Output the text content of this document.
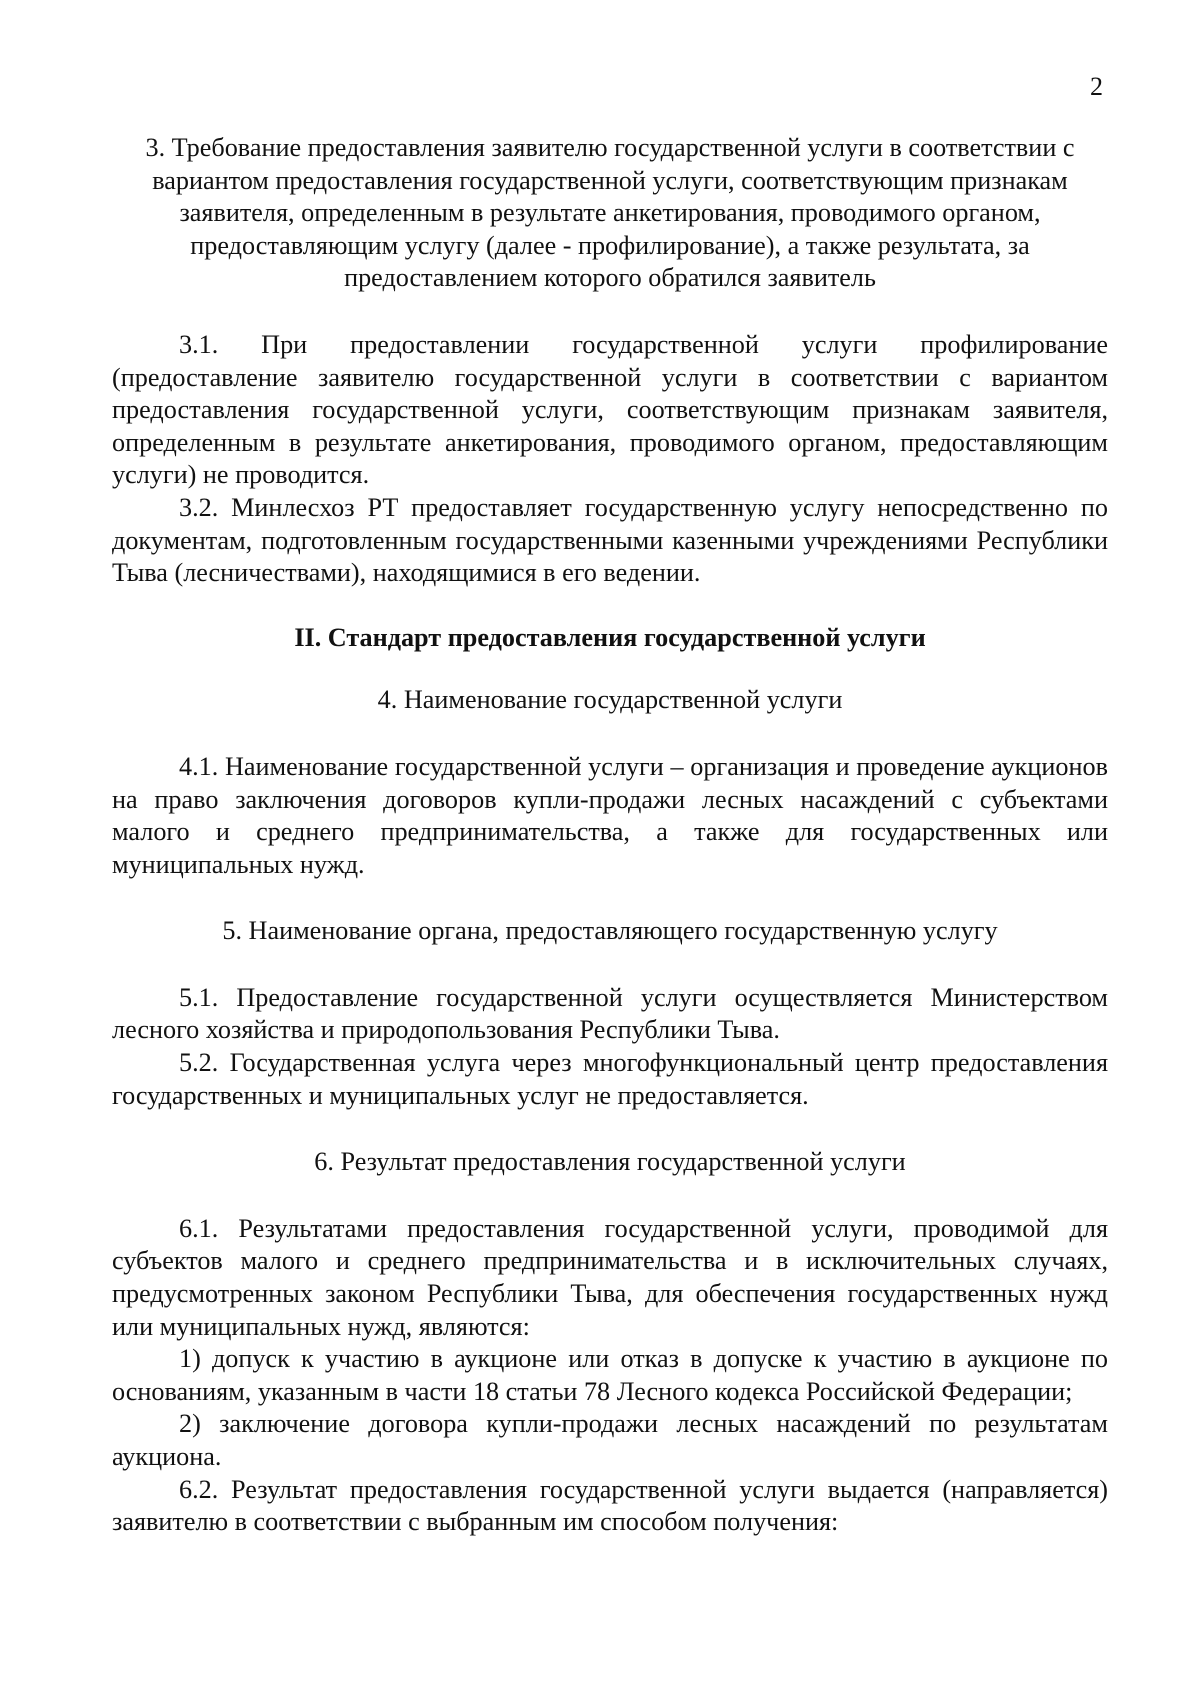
2

3. Требование предоставления заявителю государственной услуги в соответствии с вариантом предоставления государственной услуги, соответствующим признакам заявителя, определенным в результате анкетирования, проводимого органом, предоставляющим услугу (далее - профилирование), а также результата, за предоставлением которого обратился заявитель

3.1. При предоставлении государственной услуги профилирование (предоставление заявителю государственной услуги в соответствии с вариантом предоставления государственной услуги, соответствующим признакам заявителя, определенным в результате анкетирования, проводимого органом, предоставляющим услуги) не проводится.

3.2. Минлесхоз РТ предоставляет государственную услугу непосредственно по документам, подготовленным государственными казенными учреждениями Республики Тыва (лесничествами), находящимися в его ведении.

II. Стандарт предоставления государственной услуги

4. Наименование государственной услуги

4.1. Наименование государственной услуги – организация и проведение аукционов на право заключения договоров купли-продажи лесных насаждений с субъектами малого и среднего предпринимательства, а также для государственных или муниципальных нужд.

5. Наименование органа, предоставляющего государственную услугу

5.1. Предоставление государственной услуги осуществляется Министерством лесного хозяйства и природопользования Республики Тыва.

5.2. Государственная услуга через многофункциональный центр предоставления государственных и муниципальных услуг не предоставляется.

6. Результат предоставления государственной услуги

6.1. Результатами предоставления государственной услуги, проводимой для субъектов малого и среднего предпринимательства и в исключительных случаях, предусмотренных законом Республики Тыва, для обеспечения государственных нужд или муниципальных нужд, являются:

1) допуск к участию в аукционе или отказ в допуске к участию в аукционе по основаниям, указанным в части 18 статьи 78 Лесного кодекса Российской Федерации;

2) заключение договора купли-продажи лесных насаждений по результатам аукциона.

6.2. Результат предоставления государственной услуги выдается (направляется) заявителю в соответствии с выбранным им способом получения:
